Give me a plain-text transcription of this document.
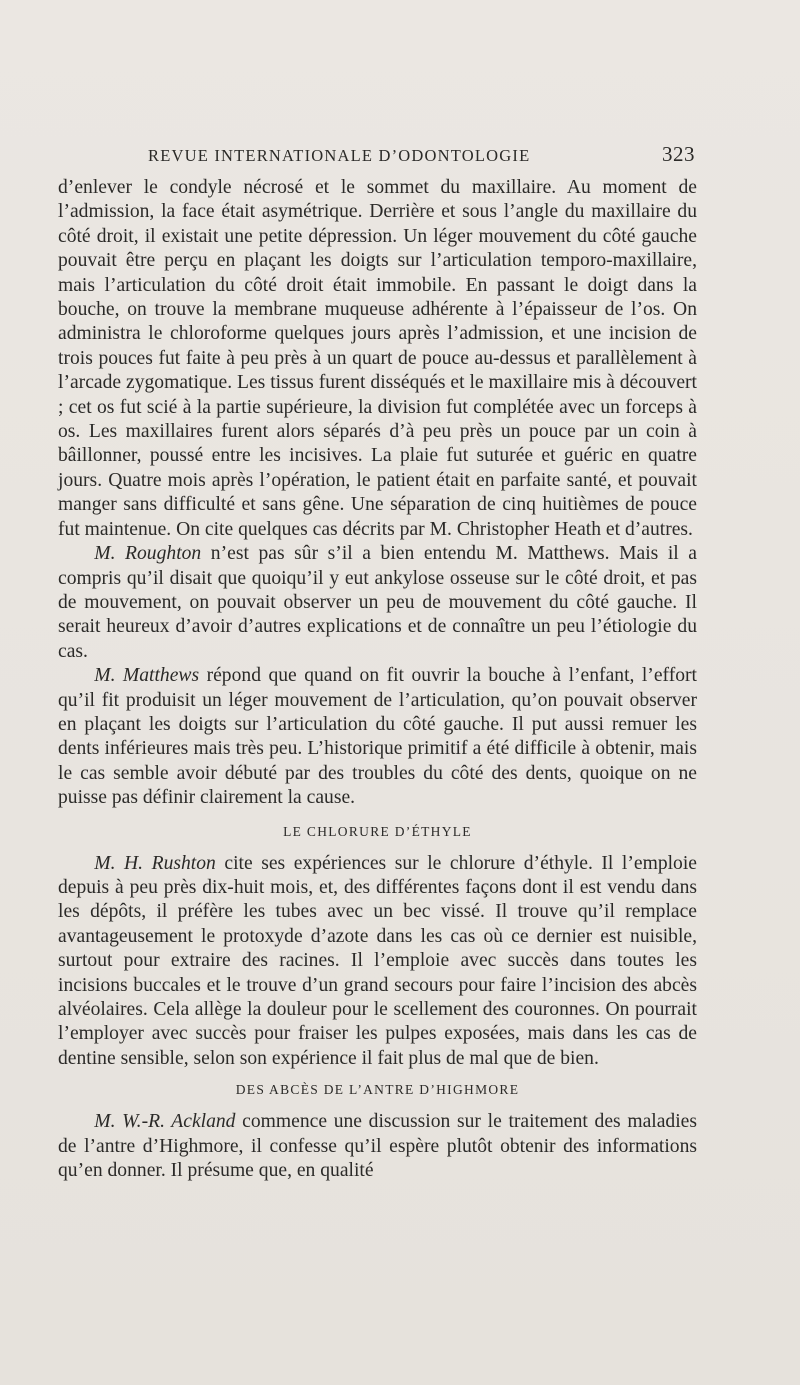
REVUE INTERNATIONALE D’ODONTOLOGIE	323

d’enlever le condyle nécrosé et le sommet du maxillaire. Au moment de l’admission, la face était asymétrique. Derrière et sous l’angle du maxillaire du côté droit, il existait une petite dépression. Un léger mouvement du côté gauche pouvait être perçu en plaçant les doigts sur l’articulation temporo-maxillaire, mais l’articulation du côté droit était immobile. En passant le doigt dans la bouche, on trouve la membrane muqueuse adhérente à l’épaisseur de l’os. On administra le chloroforme quelques jours après l’admission, et une incision de trois pouces fut faite à peu près à un quart de pouce au-dessus et parallèlement à l’arcade zygomatique. Les tissus furent disséqués et le maxillaire mis à découvert ; cet os fut scié à la partie supérieure, la division fut complétée avec un forceps à os. Les maxillaires furent alors séparés d’à peu près un pouce par un coin à bâillonner, poussé entre les incisives. La plaie fut suturée et guéric en quatre jours. Quatre mois après l’opération, le patient était en parfaite santé, et pouvait manger sans difficulté et sans gêne. Une séparation de cinq huitièmes de pouce fut maintenue. On cite quelques cas décrits par M. Christopher Heath et d’autres.

M. Roughton n’est pas sûr s’il a bien entendu M. Matthews. Mais il a compris qu’il disait que quoiqu’il y eut ankylose osseuse sur le côté droit, et pas de mouvement, on pouvait observer un peu de mouvement du côté gauche. Il serait heureux d’avoir d’autres explications et de connaître un peu l’étiologie du cas.

M. Matthews répond que quand on fit ouvrir la bouche à l’enfant, l’effort qu’il fit produisit un léger mouvement de l’articulation, qu’on pouvait observer en plaçant les doigts sur l’articulation du côté gauche. Il put aussi remuer les dents inférieures mais très peu. L’historique primitif a été difficile à obtenir, mais le cas semble avoir débuté par des troubles du côté des dents, quoique on ne puisse pas définir clairement la cause.

LE CHLORURE D’ÉTHYLE

M. H. Rushton cite ses expériences sur le chlorure d’éthyle. Il l’emploie depuis à peu près dix-huit mois, et, des différentes façons dont il est vendu dans les dépôts, il préfère les tubes avec un bec vissé. Il trouve qu’il remplace avantageusement le protoxyde d’azote dans les cas où ce dernier est nuisible, surtout pour extraire des racines. Il l’emploie avec succès dans toutes les incisions buccales et le trouve d’un grand secours pour faire l’incision des abcès alvéolaires. Cela allège la douleur pour le scellement des couronnes. On pourrait l’employer avec succès pour fraiser les pulpes exposées, mais dans les cas de dentine sensible, selon son expérience il fait plus de mal que de bien.

DES ABCÈS DE L’ANTRE D’HIGHMORE

M. W.-R. Ackland commence une discussion sur le traitement des maladies de l’antre d’Highmore, il confesse qu’il espère plutôt obtenir des informations qu’en donner. Il présume que, en qualité
